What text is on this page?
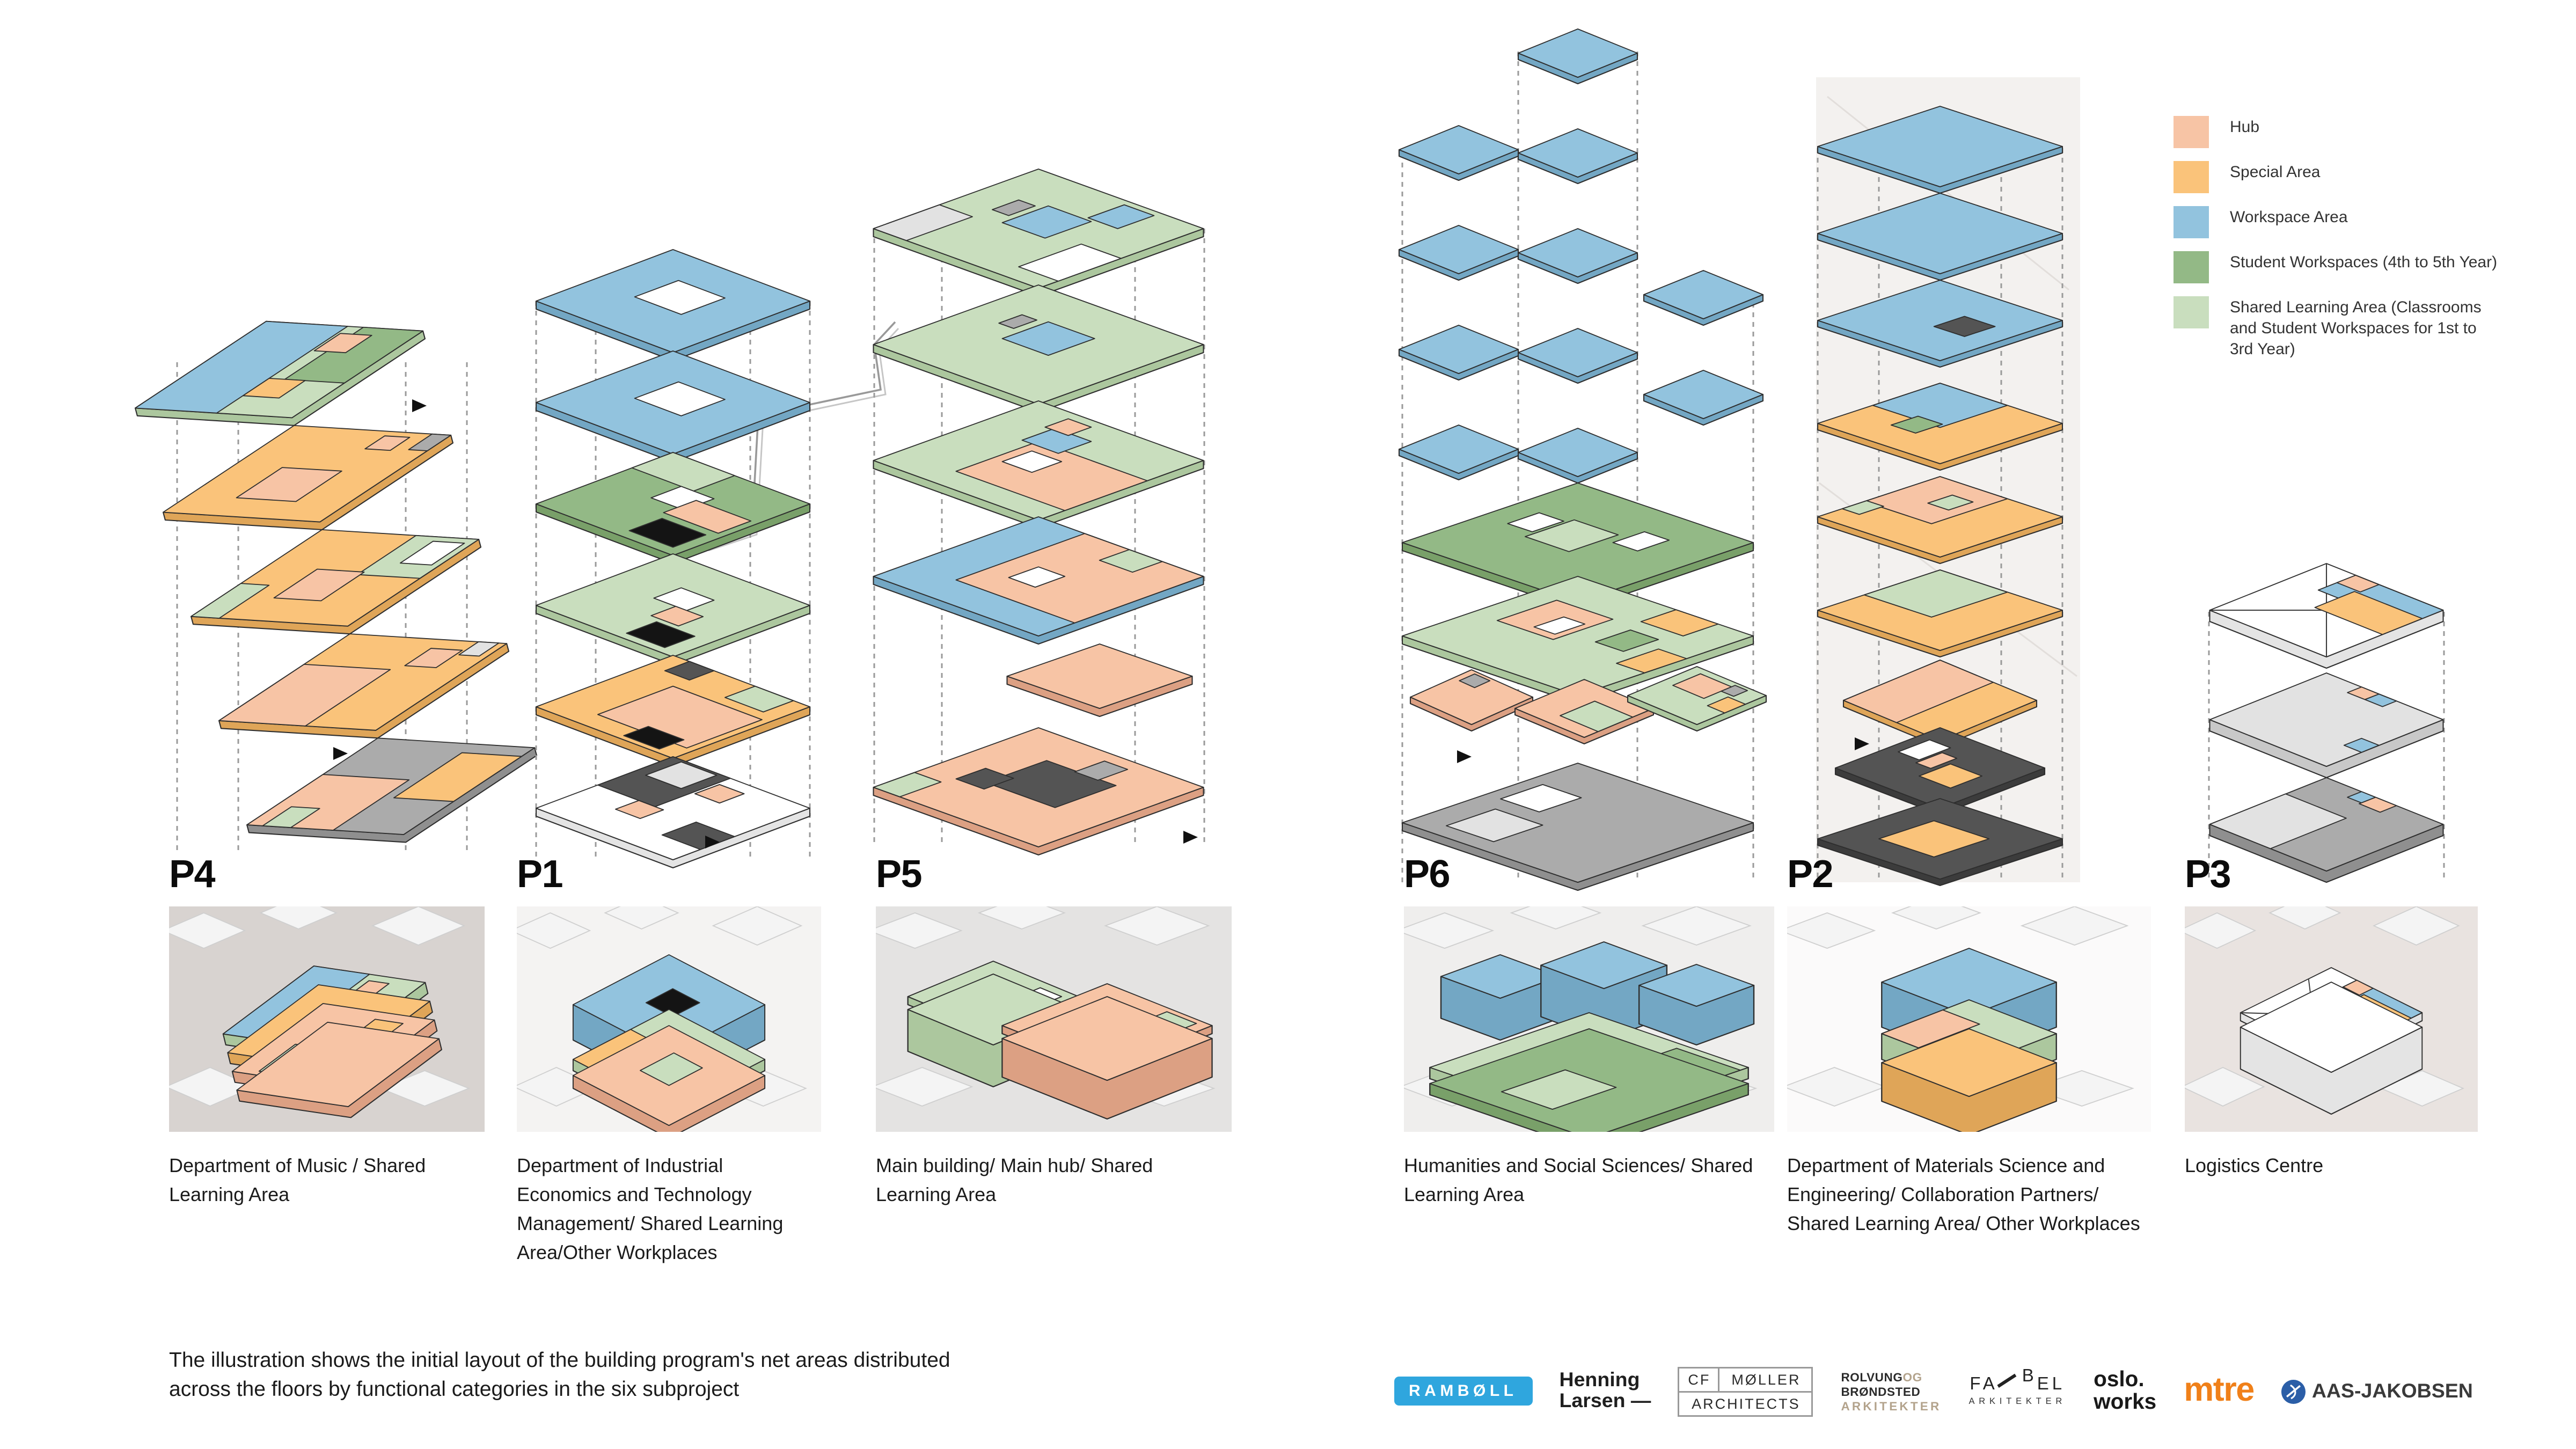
Hub
Special Area
Workspace Area
Student Workspaces (4th to 5th Year)
Shared Learning Area (Classrooms and Student Workspaces for 1st to 3rd Year)
P4
Department of Music / Shared Learning Area
P1
Department of Industrial Economics and Technology Management/ Shared Learning Area/Other Workplaces
P5
Main building/ Main hub/ Shared Learning Area
P6
Humanities and Social Sciences/ Shared Learning Area
P2
Department of Materials Science and Engineering/ Collaboration Partners/ Shared Learning Area/ Other Workplaces
P3
Logistics Centre
The illustration shows the initial layout of the building program's net areas distributed across the floors by functional categories in the six subproject	RAMBØLL
Henning
Larsen —
CF	MØLLER
ARCHITECTS
ROLVUNGOG
BRØNDSTED
ARKITEKTER
FA	BEL
ARKITEKTER
oslo.
works mtre	AAS-JAKOBSEN
